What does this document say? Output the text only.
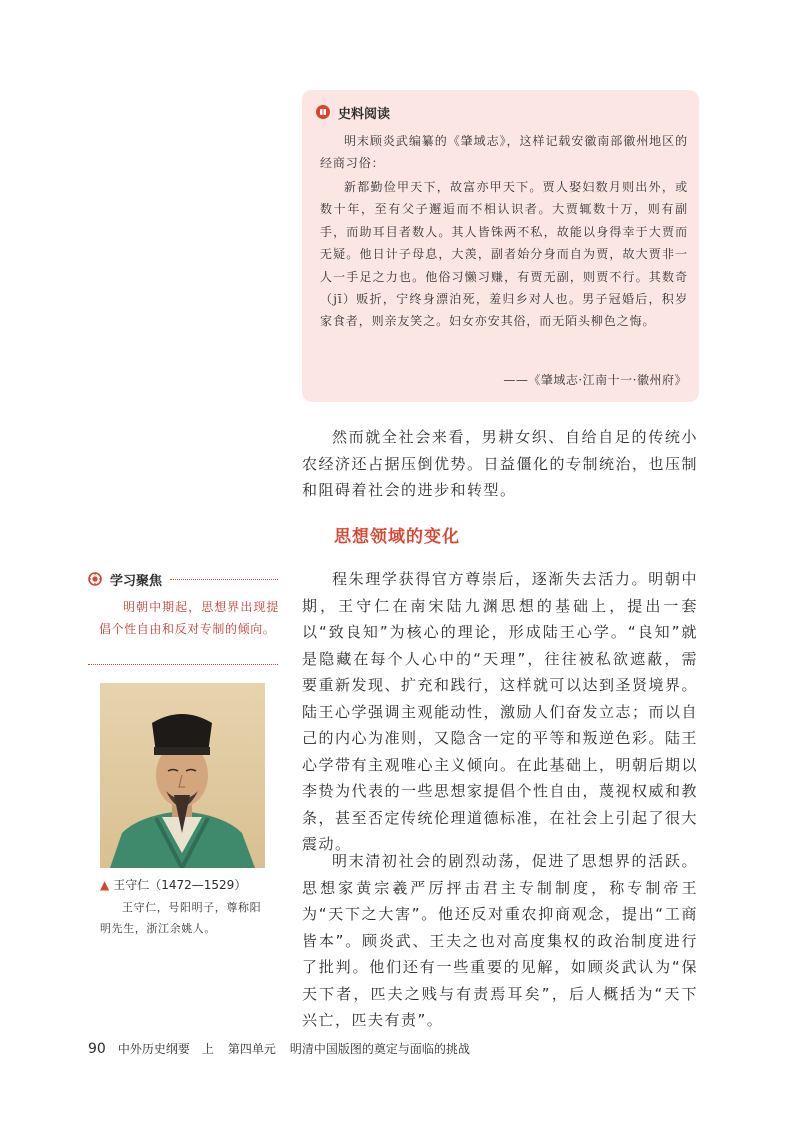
史料阅读

明末顾炎武编纂的《肇域志》，这样记载安徽南部徽州地区的经商习俗：

新都勤俭甲天下，故富亦甲天下。贾人娶妇数月则出外，或数十年，至有父子邂逅而不相认识者。大贾辄数十万，则有副手，而助耳目者数人。其人皆铢两不私，故能以身得幸于大贾而无疑。他日计子母息，大羡，副者始分身而自为贾，故大贾非一人一手足之力也。他俗习懒习赚，有贾无副，则贾不行。其数奇（jī）贩折，宁终身漂泊死，羞归乡对人也。男子冠婚后，积岁家食者，则亲友笑之。妇女亦安其俗，而无陌头柳色之悔。

——《肇域志·江南十一·徽州府》

然而就全社会来看，男耕女织、自给自足的传统小农经济还占据压倒优势。日益僵化的专制统治，也压制和阻碍着社会的进步和转型。

思想领域的变化

程朱理学获得官方尊崇后，逐渐失去活力。明朝中期，王守仁在南宋陆九渊思想的基础上，提出一套以“致良知”为核心的理论，形成陆王心学。“良知”就是隐藏在每个人心中的“天理”，往往被私欲遮蔽，需要重新发现、扩充和践行，这样就可以达到圣贤境界。陆王心学强调主观能动性，激励人们奋发立志；而以自己的内心为准则，又隐含一定的平等和叛逆色彩。陆王心学带有主观唯心主义倾向。在此基础上，明朝后期以李贽为代表的一些思想家提倡个性自由，蔑视权威和教条，甚至否定传统伦理道德标准，在社会上引起了很大震动。

明末清初社会的剧烈动荡，促进了思想界的活跃。思想家黄宗羲严厉抨击君主专制制度，称专制帝王为“天下之大害”。他还反对重农抑商观念，提出“工商皆本”。顾炎武、王夫之也对高度集权的政治制度进行了批判。他们还有一些重要的见解，如顾炎武认为“保天下者，匹夫之贱与有责焉耳矣”，后人概括为“天下兴亡，匹夫有责”。

学习聚焦

明朝中期起，思想界出现提倡个性自由和反对专制的倾向。

▲ 王守仁（1472—1529）

王守仁，号阳明子，尊称阳明先生，浙江余姚人。

90 中外历史纲要　上 第四单元 明清中国版图的奠定与面临的挑战
